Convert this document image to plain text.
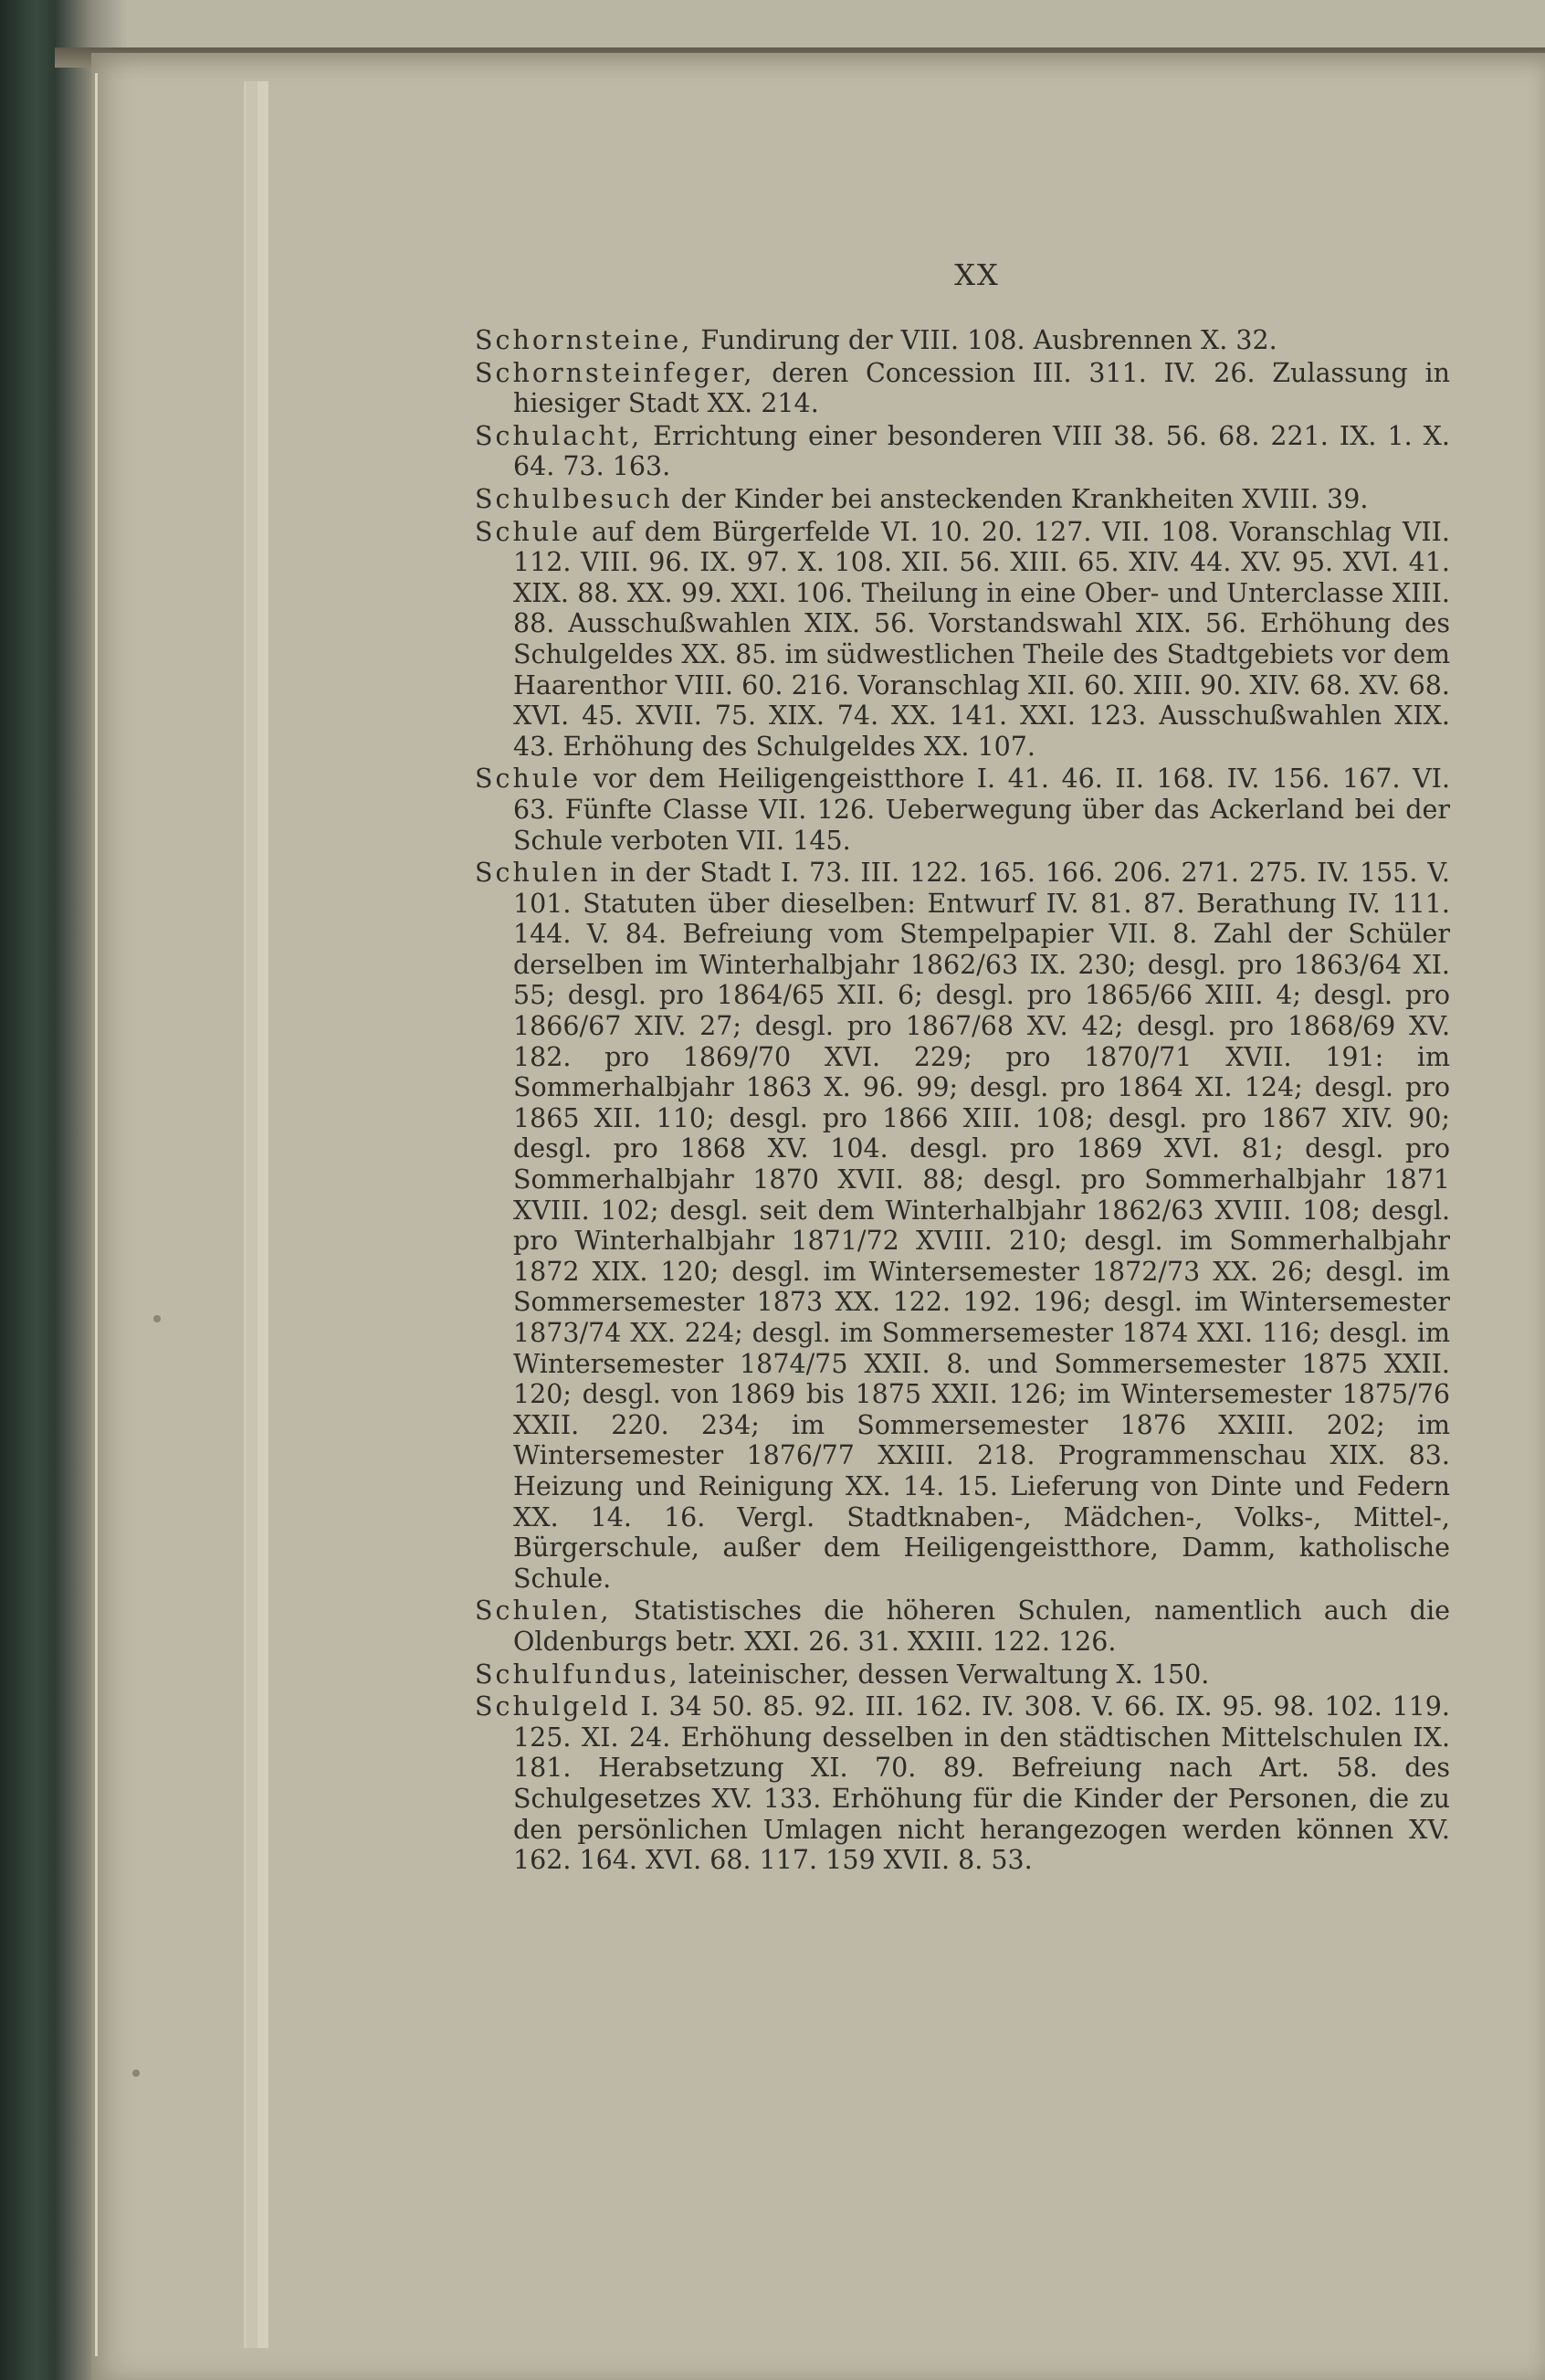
XX

Schornsteine, Fundirung der VIII. 108. Ausbrennen X. 32.

Schornsteinfeger, deren Concession III. 311. IV. 26. Zulassung in hiesiger Stadt XX. 214.

Schulacht, Errichtung einer besonderen VIII 38. 56. 68. 221. IX. 1. X. 64. 73. 163.

Schulbesuch der Kinder bei ansteckenden Krankheiten XVIII. 39.

Schule auf dem Bürgerfelde VI. 10. 20. 127. VII. 108. Voranschlag VII. 112. VIII. 96. IX. 97. X. 108. XII. 56. XIII. 65. XIV. 44. XV. 95. XVI. 41. XIX. 88. XX. 99. XXI. 106. Theilung in eine Ober- und Unterclasse XIII. 88. Ausschußwahlen XIX. 56. Vorstandswahl XIX. 56. Erhöhung des Schulgeldes XX. 85. im südwestlichen Theile des Stadtgebiets vor dem Haarenthor VIII. 60. 216. Voranschlag XII. 60. XIII. 90. XIV. 68. XV. 68. XVI. 45. XVII. 75. XIX. 74. XX. 141. XXI. 123. Ausschußwahlen XIX. 43. Erhöhung des Schulgeldes XX. 107.

Schule vor dem Heiligengeistthore I. 41. 46. II. 168. IV. 156. 167. VI. 63. Fünfte Classe VII. 126. Ueberwegung über das Ackerland bei der Schule verboten VII. 145.

Schulen in der Stadt I. 73. III. 122. 165. 166. 206. 271. 275. IV. 155. V. 101. Statuten über dieselben: Entwurf IV. 81. 87. Berathung IV. 111. 144. V. 84. Befreiung vom Stempelpapier VII. 8. Zahl der Schüler derselben im Winterhalbjahr 1862/63 IX. 230; desgl. pro 1863/64 XI. 55; desgl. pro 1864/65 XII. 6; desgl. pro 1865/66 XIII. 4; desgl. pro 1866/67 XIV. 27; desgl. pro 1867/68 XV. 42; desgl. pro 1868/69 XV. 182. pro 1869/70 XVI. 229; pro 1870/71 XVII. 191: im Sommerhalbjahr 1863 X. 96. 99; desgl. pro 1864 XI. 124; desgl. pro 1865 XII. 110; desgl. pro 1866 XIII. 108; desgl. pro 1867 XIV. 90; desgl. pro 1868 XV. 104. desgl. pro 1869 XVI. 81; desgl. pro Sommerhalbjahr 1870 XVII. 88; desgl. pro Sommerhalbjahr 1871 XVIII. 102; desgl. seit dem Winterhalbjahr 1862/63 XVIII. 108; desgl. pro Winterhalbjahr 1871/72 XVIII. 210; desgl. im Sommerhalbjahr 1872 XIX. 120; desgl. im Wintersemester 1872/73 XX. 26; desgl. im Sommersemester 1873 XX. 122. 192. 196; desgl. im Wintersemester 1873/74 XX. 224; desgl. im Sommersemester 1874 XXI. 116; desgl. im Wintersemester 1874/75 XXII. 8. und Sommersemester 1875 XXII. 120; desgl. von 1869 bis 1875 XXII. 126; im Wintersemester 1875/76 XXII. 220. 234; im Sommersemester 1876 XXIII. 202; im Wintersemester 1876/77 XXIII. 218. Programmenschau XIX. 83. Heizung und Reinigung XX. 14. 15. Lieferung von Dinte und Federn XX. 14. 16. Vergl. Stadtknaben-, Mädchen-, Volks-, Mittel-, Bürgerschule, außer dem Heiligengeistthore, Damm, katholische Schule.

Schulen, Statistisches die höheren Schulen, namentlich auch die Oldenburgs betr. XXI. 26. 31. XXIII. 122. 126.

Schulfundus, lateinischer, dessen Verwaltung X. 150.

Schulgeld I. 34 50. 85. 92. III. 162. IV. 308. V. 66. IX. 95. 98. 102. 119. 125. XI. 24. Erhöhung desselben in den städtischen Mittelschulen IX. 181. Herabsetzung XI. 70. 89. Befreiung nach Art. 58. des Schulgesetzes XV. 133. Erhöhung für die Kinder der Personen, die zu den persönlichen Umlagen nicht herangezogen werden können XV. 162. 164. XVI. 68. 117. 159 XVII. 8. 53.
